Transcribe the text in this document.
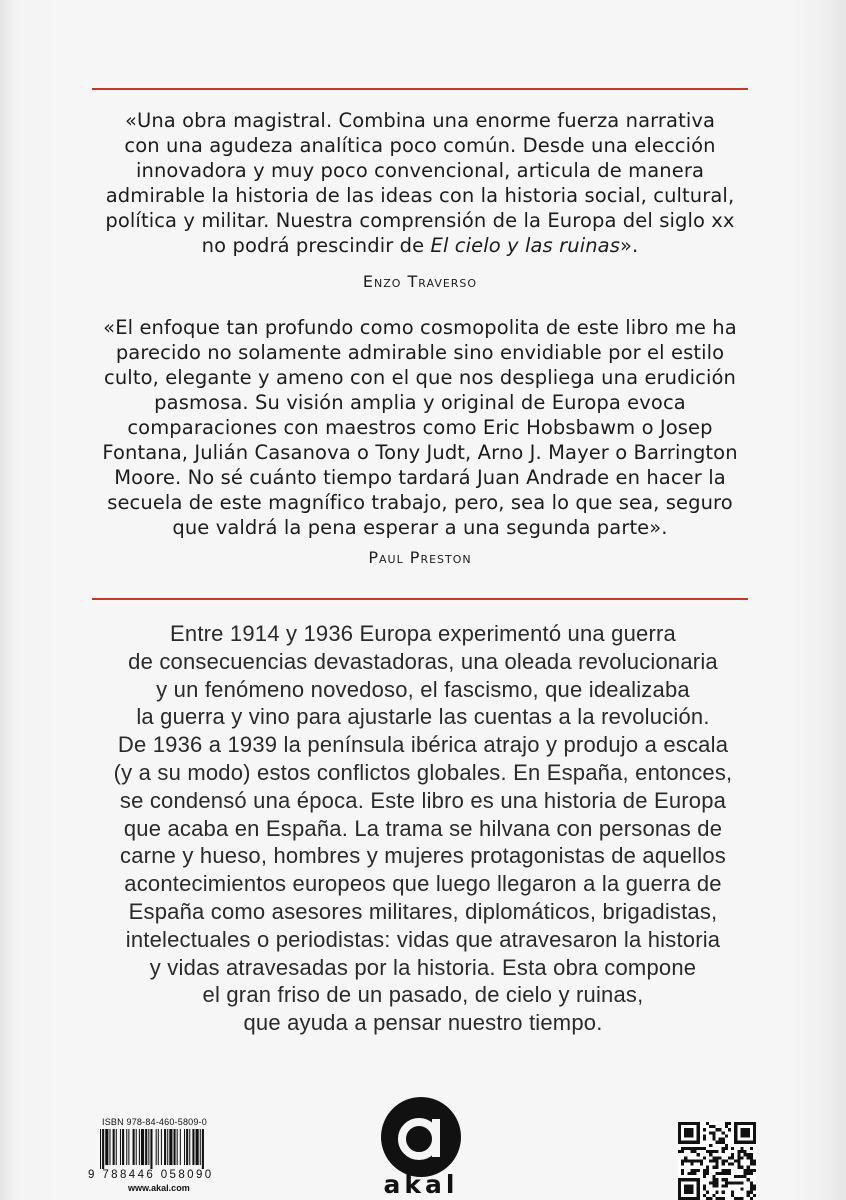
«Una obra magistral. Combina una enorme fuerza narrativa
con una agudeza analítica poco común. Desde una elección
innovadora y muy poco convencional, articula de manera
admirable la historia de las ideas con la historia social, cultural,
política y militar. Nuestra comprensión de la Europa del siglo xx
no podrá prescindir de El cielo y las ruinas».
Enzo Traverso
«El enfoque tan profundo como cosmopolita de este libro me ha
parecido no solamente admirable sino envidiable por el estilo
culto, elegante y ameno con el que nos despliega una erudición
pasmosa. Su visión amplia y original de Europa evoca
comparaciones con maestros como Eric Hobsbawm o Josep
Fontana, Julián Casanova o Tony Judt, Arno J. Mayer o Barrington
Moore. No sé cuánto tiempo tardará Juan Andrade en hacer la
secuela de este magnífico trabajo, pero, sea lo que sea, seguro
que valdrá la pena esperar a una segunda parte».
Paul Preston
Entre 1914 y 1936 Europa experimentó una guerra
de consecuencias devastadoras, una oleada revolucionaria
y un fenómeno novedoso, el fascismo, que idealizaba
la guerra y vino para ajustarle las cuentas a la revolución.
De 1936 a 1939 la península ibérica atrajo y produjo a escala
(y a su modo) estos conflictos globales. En España, entonces,
se condensó una época. Este libro es una historia de Europa
que acaba en España. La trama se hilvana con personas de
carne y hueso, hombres y mujeres protagonistas de aquellos
acontecimientos europeos que luego llegaron a la guerra de
España como asesores militares, diplomáticos, brigadistas,
intelectuales o periodistas: vidas que atravesaron la historia
y vidas atravesadas por la historia. Esta obra compone
el gran friso de un pasado, de cielo y ruinas,
que ayuda a pensar nuestro tiempo.
ISBN 978-84-460-5809-0
9 788446 058090
www.akal.com	akal
